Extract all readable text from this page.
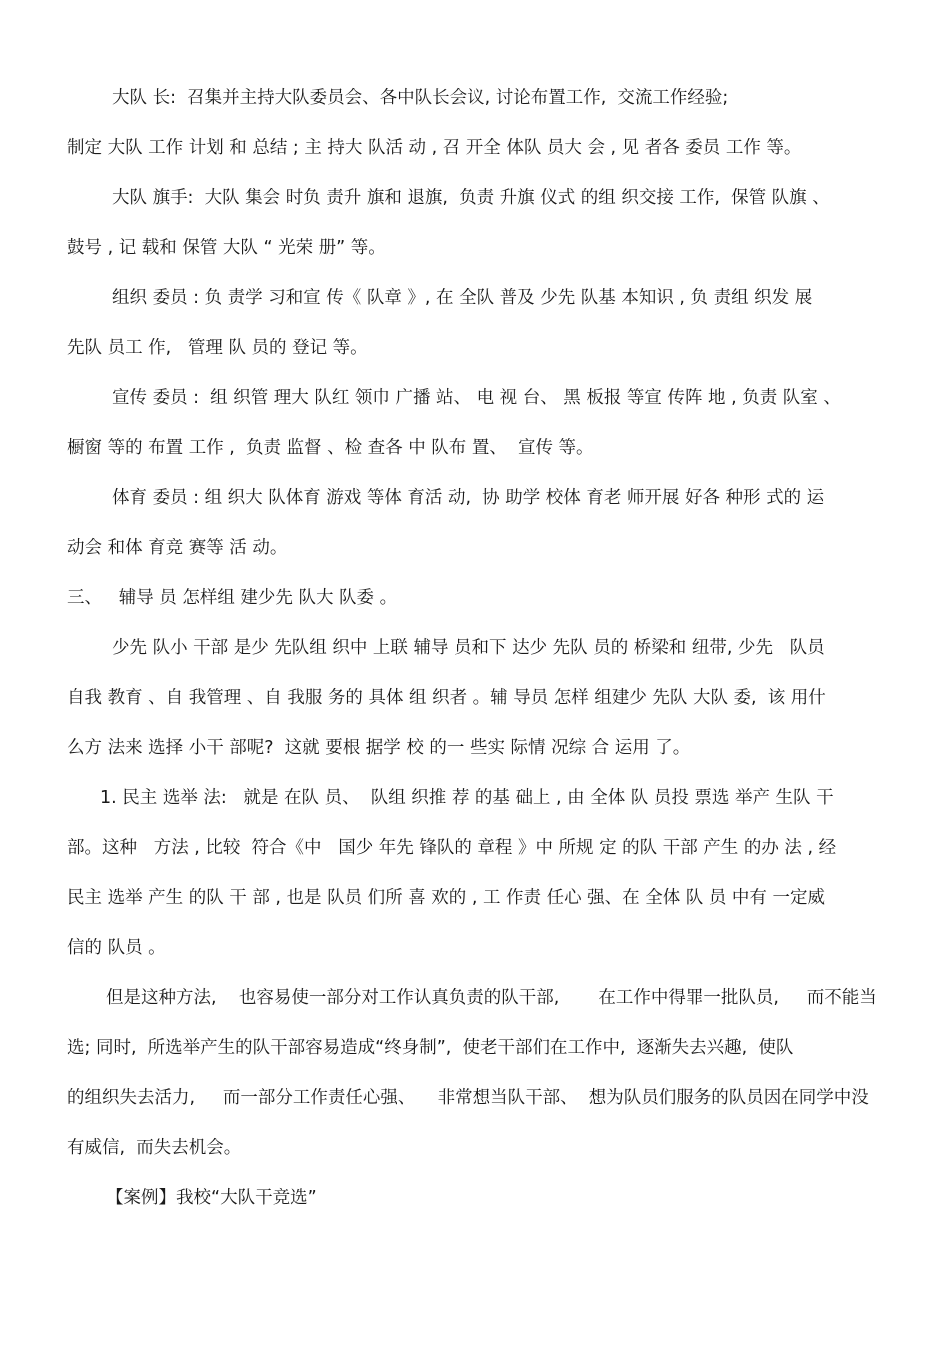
大队 长:  召集并主持大队委员会、各中队长会议, 讨论布置工作,  交流工作经验;
制定 大队 工作 计划 和 总结 ; 主 持大 队活 动 , 召 开全 体队 员大 会 , 见 者各 委员 工作 等。
大队 旗手:  大队 集会 时负 责升 旗和 退旗,  负责 升旗 仪式 的组 织交接 工作,  保管 队旗 、
鼓号 , 记 载和 保管 大队 “ 光荣 册” 等。
组织 委员 : 负 责学 习和宣 传《 队章 》, 在 全队 普及 少先 队基 本知识 , 负 责组 织发 展
先队 员工 作,   管理 队 员的 登记 等。
宣传 委员 :  组 织管 理大 队红 领巾 广播 站、 电 视 台、 黑 板报 等宣 传阵 地 , 负责 队室 、
橱窗 等的 布置 工作 ,  负责 监督 、检 查各 中 队布 置、  宣传 等。
体育 委员 : 组 织大 队体育 游戏 等体 育活 动,  协 助学 校体 育老 师开展 好各 种形 式的 运
动会 和体 育竞 赛等 活 动。
三、   辅导 员 怎样组 建少先 队大 队委 。
少先 队小 干部 是少 先队组 织中 上联 辅导 员和下 达少 先队 员的 桥梁和 纽带, 少先   队员
自我 教育 、自 我管理 、自 我服 务的 具体 组 织者 。辅 导员 怎样 组建少 先队 大队 委,  该 用什
么方 法来 选择 小干 部呢?  这就 要根 据学 校 的一 些实 际情 况综 合 运用 了。
1. 民主 选举 法:   就是 在队 员、  队组 织推 荐 的基 础上 , 由 全体 队 员投 票选 举产 生队 干
部。这种   方法 , 比较  符合《中   国少 年先 锋队的 章程 》中 所规 定 的队 干部 产生 的办 法 , 经
民主 选举 产生 的队 干 部 , 也是 队员 们所 喜 欢的 , 工 作责 任心 强、在 全体 队 员 中有 一定威
信的 队员 。
但是这种方法,    也容易使一部分对工作认真负责的队干部,       在工作中得罪一批队员,     而不能当
选; 同时,  所选举产生的队干部容易造成“终身制”,  使老干部们在工作中,  逐渐失去兴趣,  使队
的组织失去活力,     而一部分工作责任心强、    非常想当队干部、  想为队员们服务的队员因在同学中没
有威信,  而失去机会。
【案例】我校“大队干竞选”
